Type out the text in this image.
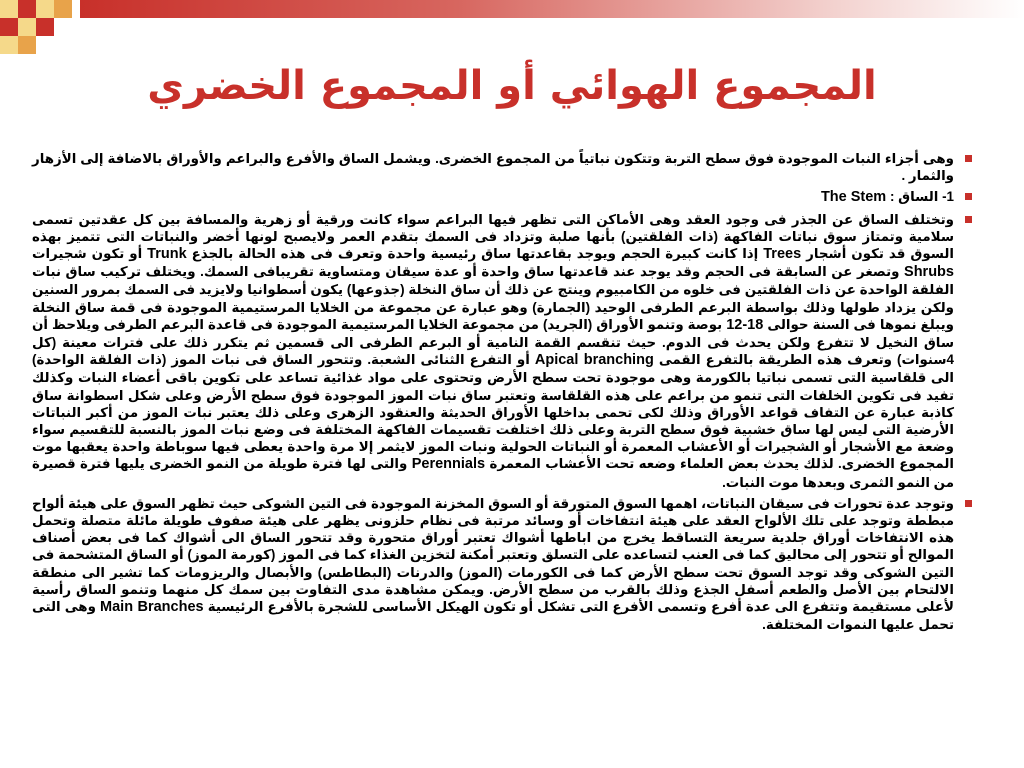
المجموع الهوائي أو المجموع الخضري
وهى أجزاء النبات الموجودة فوق سطح التربة وتتكون نباتياً من المجموع الخضرى. ويشمل الساق والأفرع والبراعم والأوراق بالاضافة إلى الأزهار والثمار .
1- الساق : The Stem
وتختلف الساق عن الجذر فى وجود العقد وهى الأماكن التى تظهر فيها البراعم سواء كانت ورقية أو زهرية والمسافة بين كل عقدتين تسمى سلامية وتمتاز سوق نباتات الفاكهة (ذات الفلقتين) بأنها صلبة وتزداد فى السمك بتقدم العمر ولايصبح لونها أخضر والنباتات التى تتميز بهذه السوق قد تكون أشجار Trees إذا كانت كبيرة الحجم ويوجد بقاعدتها ساق رئيسية واحدة وتعرف فى هذه الحالة بالجذع Trunk أو تكون شجيرات Shrubs وتصغر عن السابقة فى الحجم وقد يوجد عند قاعدتها ساق واحدة أو عدة سيقان ومتساوية تقريبافى السمك. ويختلف تركيب ساق نبات الفلقة الواحدة عن ذات الفلقتين فى خلوه من الكامبيوم وينتج عن ذلك أن ساق النخلة (جذوعها) يكون أسطوانيا ولايزيد فى السمك بمرور السنين ولكن يزداد طولها وذلك بواسطة البرعم الطرفى الوحيد (الجمارة) وهو عبارة عن مجموعة من الخلايا المرستيمية الموجودة فى قمة ساق النخلة ويبلغ نموها فى السنة حوالى 12-18 بوصة وتنمو الأوراق (الجريد) من مجموعة الخلايا المرستيمية الموجودة فى قاعدة البرعم الطرفى ويلاحظ أن ساق النخيل لا تتفرع ولكن يحدث فى الدوم. حيث تنقسم القمة النامية أو البرعم الطرفى الى قسمين ثم يتكرر ذلك على فترات معينة (كل 4سنوات) وتعرف هذه الطريقة بالتفرع القمى Apical branching أو التفرع الثنائى الشعبة. وتتحور الساق فى نبات الموز (ذات الفلقة الواحدة) الى قلقاسية التى تسمى نباتيا بالكورمة وهى موجودة تحت سطح الأرض وتحتوى على مواد غذائية تساعد على تكوين باقى أعضاء النبات وكذلك تفيد فى تكوين الخلفات التى تنمو من براعم على هذه القلقاسة وتعتبر ساق نبات الموز الموجودة فوق سطح الأرض وعلى شكل اسطوانة ساق كاذبة عبارة عن التفاف قواعد الأوراق وذلك لكى تحمى بداخلها الأوراق الحديثة والعنقود الزهرى وعلى ذلك يعتبر نبات الموز من أكبر النباتات الأرضية التى ليس لها ساق خشبية فوق سطح التربة وعلى ذلك اختلفت تقسيمات الفاكهة المختلفة فى وضع نبات الموز بالنسبة للتقسيم سواء وضعة مع الأشجار أو الشجيرات أو الأعشاب المعمرة أو النباتات الحولية ونبات الموز لايثمر إلا مرة واحدة يعطى فيها سوباطة واحدة يعقبها موت المجموع الخضرى. لذلك يحدث بعض العلماء وضعه تحت الأعشاب المعمرة Perennials والتى لها فترة طويلة من النمو الخضرى يليها فترة قصيرة من النمو الثمرى وبعدها موت النبات.
وتوجد عدة تحورات فى سيقان النباتات، اهمها السوق المتورقة أو السوق المخزنة الموجودة فى التين الشوكى حيث تظهر السوق على هيئة ألواح مبططة وتوجد على تلك الألواح العقد على هيئة انتفاخات أو وسائد مرتبة فى نظام حلزونى يظهر على هيئة صفوف طويلة مائلة متصلة وتحمل هذه الانتفاخات أوراق جلدية سريعة التساقط يخرج من اباطها أشواك تعتبر أوراق متحورة وقد تتحور الساق الى أشواك كما فى بعض أصناف الموالح أو تتحور إلى محاليق كما فى العنب لتساعده على التسلق وتعتبر أمكنة لتخزين الغذاء كما فى الموز (كورمة الموز) أو الساق المتشحمة فى التين الشوكى وقد توجد السوق تحت سطح الأرض كما فى الكورمات (الموز) والدرنات (البطاطس) والأبصال والريزومات كما تشير الى منطقة الالتحام بين الأصل والطعم أسفل الجذع وذلك بالقرب من سطح الأرض. ويمكن مشاهدة مدى التفاوت بين سمك كل منهما وتنمو الساق رأسية لأعلى مستقيمة وتتفرع الى عدة أفرع وتسمى الأفرع التى تشكل أو تكون الهيكل الأساسى للشجرة بالأفرع الرئيسية Main Branches وهى التى تحمل عليها النموات المختلفة.
